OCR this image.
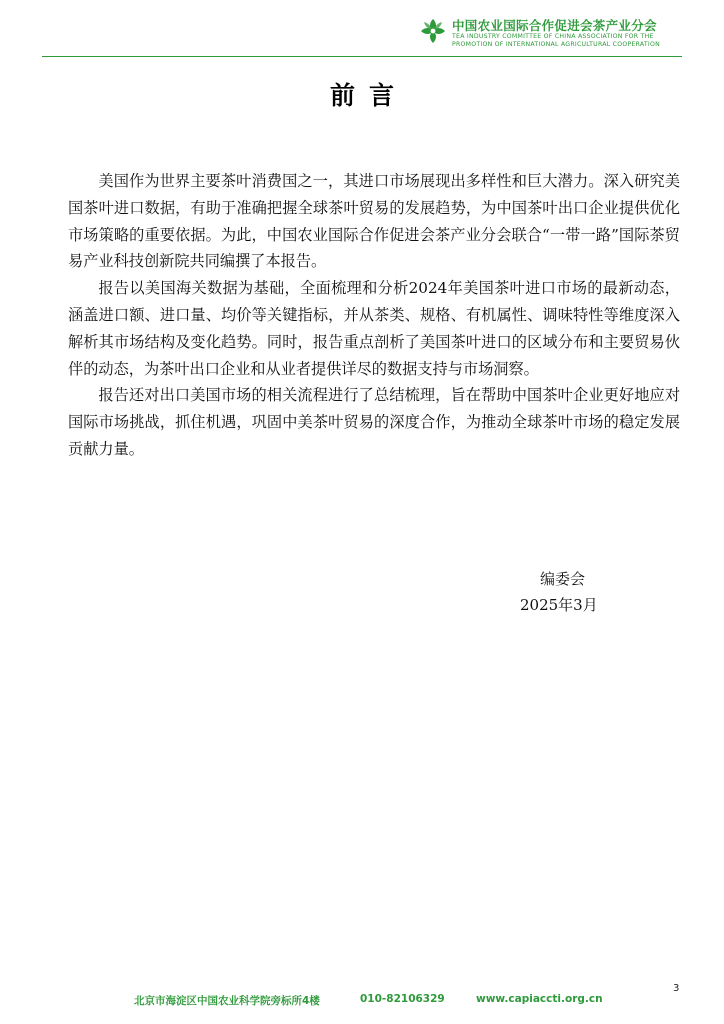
中国农业国际合作促进会茶产业分会
TEA INDUSTRY COMMITTEE OF CHINA ASSOCIATION FOR THE
PROMOTION OF INTERNATIONAL AGRICULTURAL COOPERATION
前言

美国作为世界主要茶叶消费国之一，其进口市场展现出多样性和巨大潜力。深入研究美国茶叶进口数据，有助于准确把握全球茶叶贸易的发展趋势，为中国茶叶出口企业提供优化市场策略的重要依据。为此，中国农业国际合作促进会茶产业分会联合“一带一路”国际茶贸易产业科技创新院共同编撰了本报告。

报告以美国海关数据为基础，全面梳理和分析2024年美国茶叶进口市场的最新动态，涵盖进口额、进口量、均价等关键指标，并从茶类、规格、有机属性、调味特性等维度深入解析其市场结构及变化趋势。同时，报告重点剖析了美国茶叶进口的区域分布和主要贸易伙伴的动态，为茶叶出口企业和从业者提供详尽的数据支持与市场洞察。

报告还对出口美国市场的相关流程进行了总结梳理，旨在帮助中国茶叶企业更好地应对国际市场挑战，抓住机遇，巩固中美茶叶贸易的深度合作，为推动全球茶叶市场的稳定发展贡献力量。

编委会
2025年3月
3
北京市海淀区中国农业科学院旁标所4楼	010-82106329	www.capiaccti.org.cn
